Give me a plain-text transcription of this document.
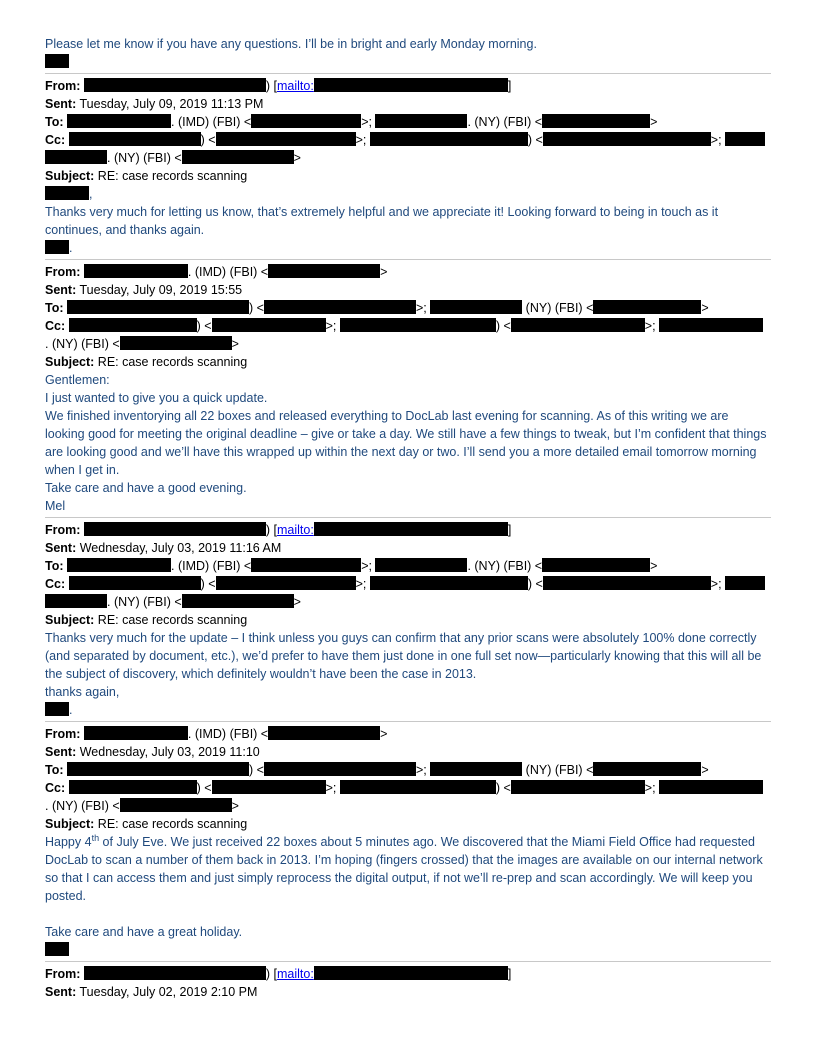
Please let me know if you have any questions. I’ll be in bright and early Monday morning.
From:	) [mailto:	]
Sent: Tuesday, July 09, 2019 11:13 PM
To:	. (IMD) (FBI) <	>;	. (NY) (FBI) <	>
Cc:	) <	>;	) <	>;
. (NY) (FBI) <	>
Subject: RE: case records scanning
,
Thanks very much for letting us know, that’s extremely helpful and we appreciate it! Looking forward to being in touch as it continues, and thanks again.
.
From:	. (IMD) (FBI) <	>
Sent: Tuesday, July 09, 2019 15:55
To:	) <	>;	(NY) (FBI) <	>
Cc:	) <	>;	) <	>;
. (NY) (FBI) <	>
Subject: RE: case records scanning
Gentlemen:
I just wanted to give you a quick update.
We finished inventorying all 22 boxes and released everything to DocLab last evening for scanning. As of this writing we are looking good for meeting the original deadline – give or take a day. We still have a few things to tweak, but I’m confident that things are looking good and we’ll have this wrapped up within the next day or two. I’ll send you a more detailed email tomorrow morning when I get in.
Take care and have a good evening.
Mel
From:	) [mailto:	]
Sent: Wednesday, July 03, 2019 11:16 AM
To:	. (IMD) (FBI) <	>;	. (NY) (FBI) <	>
Cc:	) <	>;	) <	>;
. (NY) (FBI) <	>
Subject: RE: case records scanning
Thanks very much for the update – I think unless you guys can confirm that any prior scans were absolutely 100% done correctly (and separated by document, etc.), we’d prefer to have them just done in one full set now—particularly knowing that this will all be the subject of discovery, which definitely wouldn’t have been the case in 2013.
thanks again,
.
From:	. (IMD) (FBI) <	>
Sent: Wednesday, July 03, 2019 11:10
To:	) <	>;	(NY) (FBI) <	>
Cc:	) <	>;	) <	>;
. (NY) (FBI) <	>
Subject: RE: case records scanning
Happy 4th of July Eve. We just received 22 boxes about 5 minutes ago. We discovered that the Miami Field Office had requested DocLab to scan a number of them back in 2013. I’m hoping (fingers crossed) that the images are available on our internal network so that I can access them and just simply reprocess the digital output, if not we’ll re-prep and scan accordingly. We will keep you posted.
Take care and have a great holiday.
From:	) [mailto:	]
Sent: Tuesday, July 02, 2019 2:10 PM
